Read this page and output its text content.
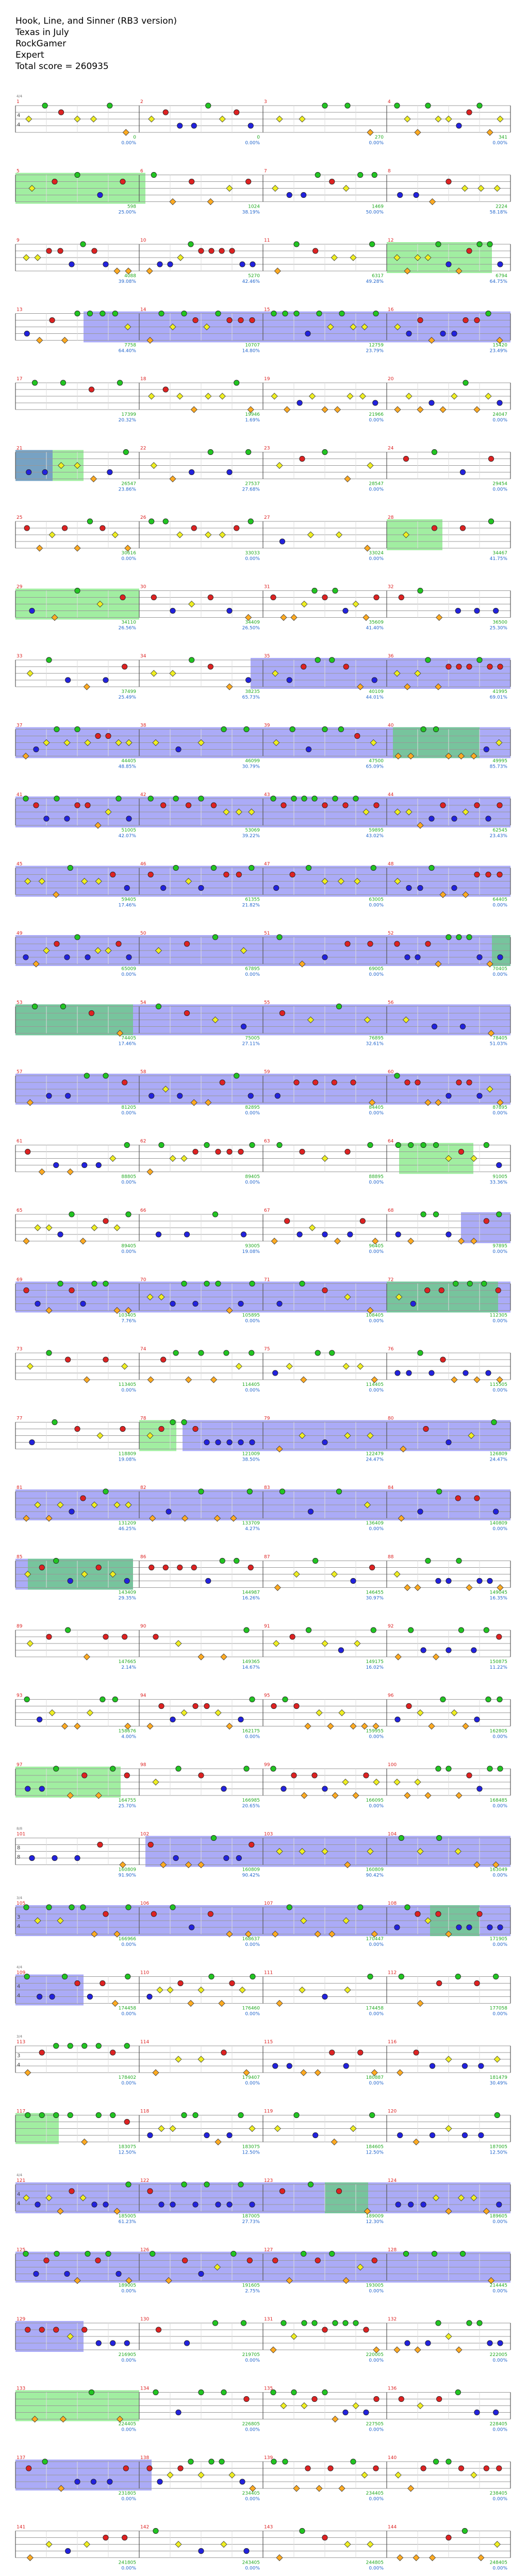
Hook, Line, and Sinner (RB3 version)
Texas in July
RockGamer
Expert
Total score = 260935
1
0
0.00%
2
0
0.00%
3
270
0.00%
4
341
0.00%
4
4
4/4
5
598
25.00%
6
1024
38.19%
7
1469
50.00%
8
2224
58.18%
9
4088
39.08%
10
5270
42.46%
11
6317
49.28%
12
6794
64.75%
13
7758
64.40%
14
10707
14.80%
15
12759
23.79%
16
15420
23.49%
17
17399
20.32%
18
19946
1.69%
19
21966
0.00%
20
24047
0.00%
21
26547
23.86%
22
27537
27.68%
23
28547
0.00%
24
29454
0.00%
25
30616
0.00%
26
33033
0.00%
27
33024
0.00%
28
34467
41.75%
29
34110
26.56%
30
34409
26.50%
31
35609
41.40%
32
36500
25.30%
33
37499
25.49%
34
38235
65.73%
35
40109
44.01%
36
41995
69.01%
37
44405
48.85%
38
46099
30.79%
39
47500
65.09%
40
49995
85.73%
41
51005
42.07%
42
53069
39.22%
43
59895
43.02%
44
62545
23.43%
45
59405
17.46%
46
61355
21.82%
47
63005
0.00%
48
64405
0.00%
49
65009
0.00%
50
67895
0.00%
51
69005
0.00%
52
70405
0.00%
53
74405
17.46%
54
75005
27.11%
55
76895
32.61%
56
78405
51.03%
57
81205
0.00%
58
82895
0.00%
59
84405
0.00%
60
87895
0.00%
61
88805
0.00%
62
89405
0.00%
63
88895
0.00%
64
91005
33.36%
65
89405
0.00%
66
93005
19.08%
67
96405
0.00%
68
97895
0.00%
69
103405
7.76%
70
105895
0.00%
71
108405
0.00%
72
112305
0.00%
73
113405
0.00%
74
114405
0.00%
75
114405
0.00%
76
115505
0.00%
77
118809
19.08%
78
121009
38.50%
79
122479
24.47%
80
126809
24.47%
81
131209
46.25%
82
133709
4.27%
83
136409
0.00%
84
140809
0.00%
85
143409
29.35%
86
144987
16.26%
87
146455
30.97%
88
149045
16.35%
89
147665
2.14%
90
149365
14.67%
91
149175
16.02%
92
150875
11.22%
93
158676
4.00%
94
162175
0.00%
95
159955
0.00%
96
162805
0.00%
97
164755
25.70%
98
166985
20.65%
99
166095
0.00%
100
168485
0.00%
101
160809
91.90%
102
160809
90.42%
103
160809
90.42%
104
163049
0.00%
8
8
8/8
105
166966
0.00%
106
168637
0.00%
107
170447
0.00%
108
171905
0.00%
3
4
3/4
109
174458
0.00%
110
176460
0.00%
111
174458
0.00%
112
177058
0.00%
4
4
4/4
113
178402
0.00%
114
179407
0.00%
115
180887
0.00%
116
181479
30.49%
3
4
3/4
117
183075
12.50%
118
183075
12.50%
119
184605
12.50%
120
187005
12.50%
121
185005
61.23%
122
187005
27.73%
123
189009
12.30%
124
189605
0.00%
4
4
4/4
125
189005
0.00%
126
191605
2.75%
127
193005
0.00%
128
214445
0.00%
129
216905
0.00%
130
219705
0.00%
131
220005
0.00%
132
222005
0.00%
133
224405
0.00%
134
226805
0.00%
135
227505
0.00%
136
228405
0.00%
137
231805
0.00%
138
234405
0.00%
139
234405
0.00%
140
238405
0.00%
141
241805
0.00%
142
243405
0.00%
143
244805
0.00%
144
248405
0.00%
